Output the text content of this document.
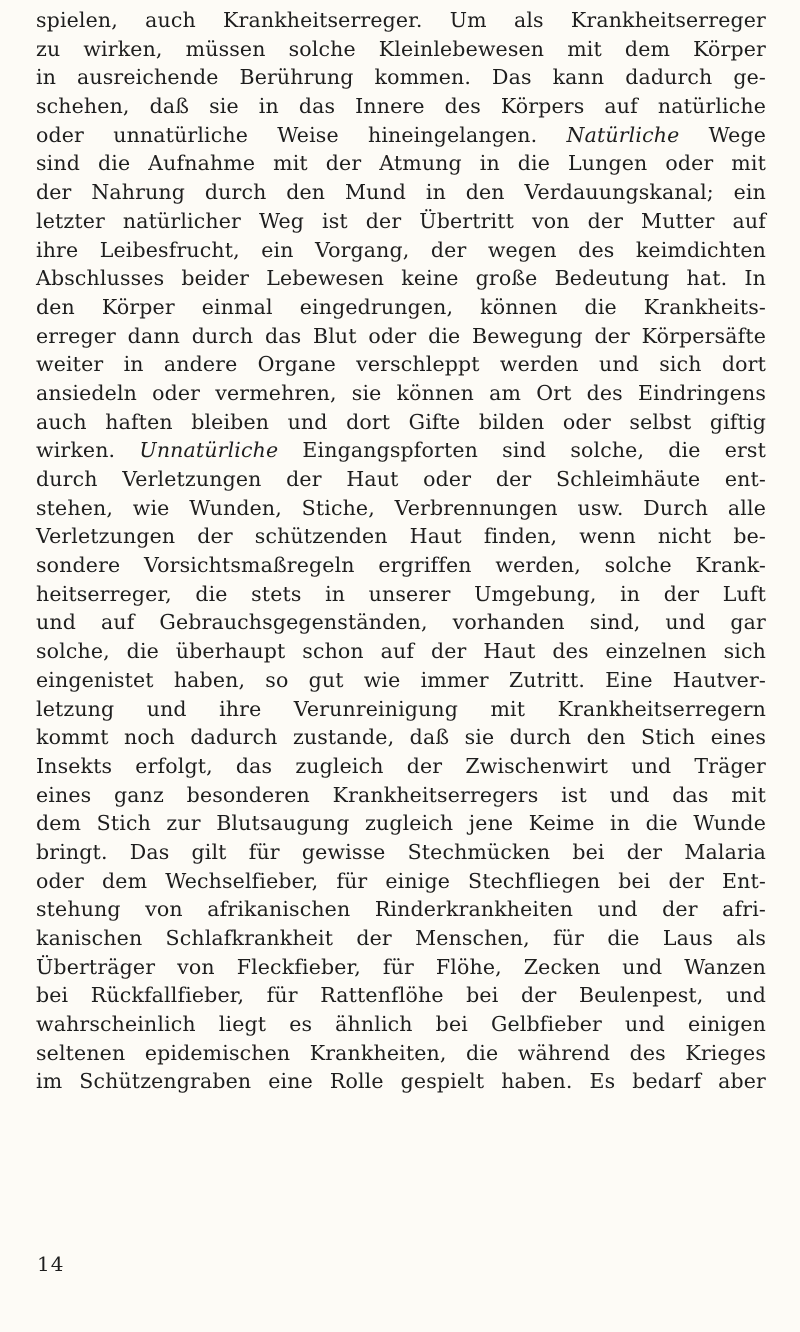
spielen, auch Krankheitserreger. Um als Krankheitserreger
zu wirken, müssen solche Kleinlebewesen mit dem Körper
in ausreichende Berührung kommen. Das kann dadurch ge-
schehen, daß sie in das Innere des Körpers auf natürliche
oder unnatürliche Weise hineingelangen. Natürliche Wege
sind die Aufnahme mit der Atmung in die Lungen oder mit
der Nahrung durch den Mund in den Verdauungskanal; ein
letzter natürlicher Weg ist der Übertritt von der Mutter auf
ihre Leibesfrucht, ein Vorgang, der wegen des keimdichten
Abschlusses beider Lebewesen keine große Bedeutung hat. In
den Körper einmal eingedrungen, können die Krankheits-
erreger dann durch das Blut oder die Bewegung der Körpersäfte
weiter in andere Organe verschleppt werden und sich dort
ansiedeln oder vermehren, sie können am Ort des Eindringens
auch haften bleiben und dort Gifte bilden oder selbst giftig
wirken. Unnatürliche Eingangspforten sind solche, die erst
durch Verletzungen der Haut oder der Schleimhäute ent-
stehen, wie Wunden, Stiche, Verbrennungen usw. Durch alle
Verletzungen der schützenden Haut finden, wenn nicht be-
sondere Vorsichtsmaßregeln ergriffen werden, solche Krank-
heitserreger, die stets in unserer Umgebung, in der Luft
und auf Gebrauchsgegenständen, vorhanden sind, und gar
solche, die überhaupt schon auf der Haut des einzelnen sich
eingenistet haben, so gut wie immer Zutritt. Eine Hautver-
letzung und ihre Verunreinigung mit Krankheitserregern
kommt noch dadurch zustande, daß sie durch den Stich eines
Insekts erfolgt, das zugleich der Zwischenwirt und Träger
eines ganz besonderen Krankheitserregers ist und das mit
dem Stich zur Blutsaugung zugleich jene Keime in die Wunde
bringt. Das gilt für gewisse Stechmücken bei der Malaria
oder dem Wechselfieber, für einige Stechfliegen bei der Ent-
stehung von afrikanischen Rinderkrankheiten und der afri-
kanischen Schlafkrankheit der Menschen, für die Laus als
Überträger von Fleckfieber, für Flöhe, Zecken und Wanzen
bei Rückfallfieber, für Rattenflöhe bei der Beulenpest, und
wahrscheinlich liegt es ähnlich bei Gelbfieber und einigen
seltenen epidemischen Krankheiten, die während des Krieges
im Schützengraben eine Rolle gespielt haben. Es bedarf aber
14
